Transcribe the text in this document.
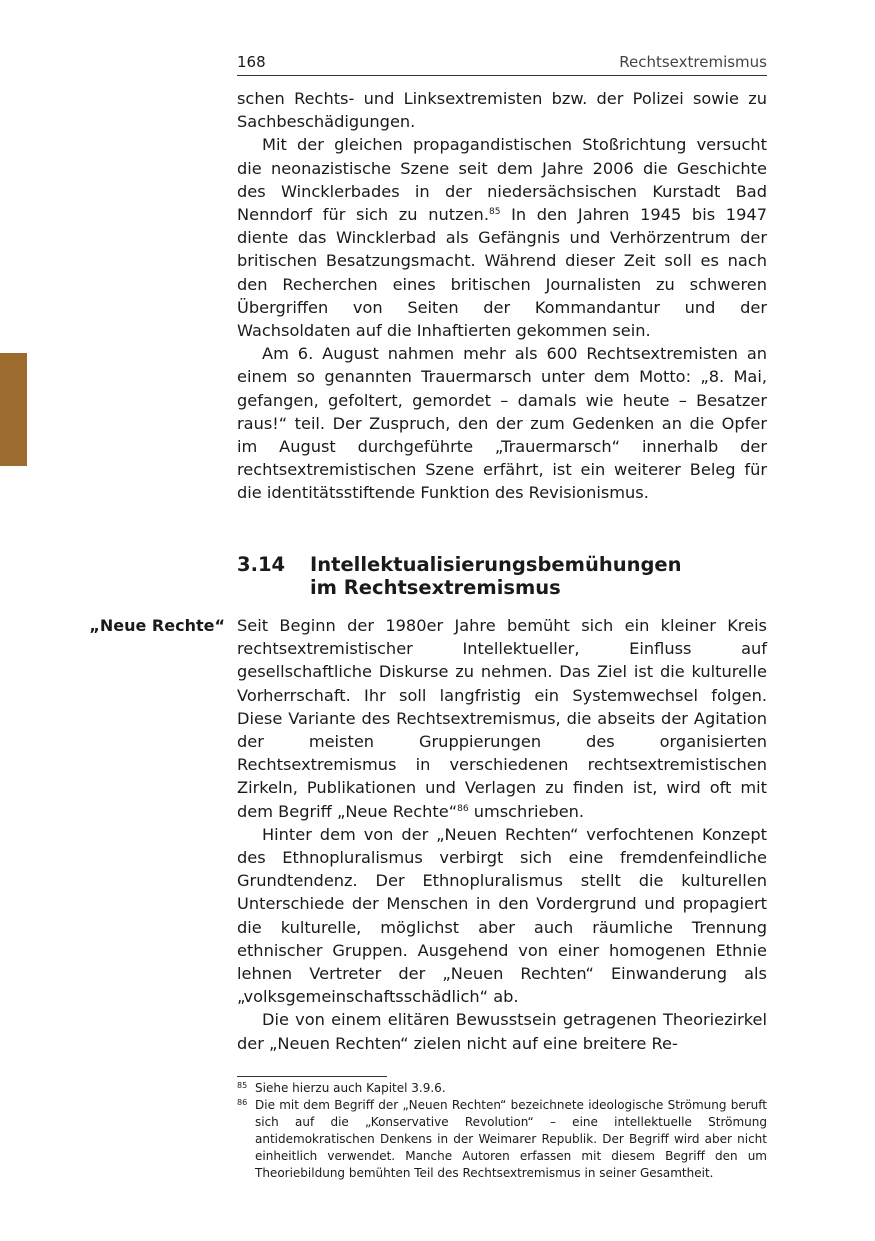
168	Rechtsextremismus

schen Rechts- und Linksextremisten bzw. der Polizei sowie zu Sachbeschädigungen.

Mit der gleichen propagandistischen Stoßrichtung versucht die neonazistische Szene seit dem Jahre 2006 die Geschichte des Wincklerbades in der niedersächsischen Kurstadt Bad Nenndorf für sich zu nutzen.$^{85}$ In den Jahren 1945 bis 1947 diente das Wincklerbad als Gefängnis und Verhörzentrum der britischen Besatzungsmacht. Während dieser Zeit soll es nach den Recherchen eines britischen Journalisten zu schweren Übergriffen von Seiten der Kommandantur und der Wachsoldaten auf die Inhaftierten gekommen sein.

Am 6. August nahmen mehr als 600 Rechtsextremisten an einem so genannten Trauermarsch unter dem Motto: „8. Mai, gefangen, gefoltert, gemordet – damals wie heute – Besatzer raus!“ teil. Der Zuspruch, den der zum Gedenken an die Opfer im August durchgeführte „Trauermarsch“ innerhalb der rechtsextremistischen Szene erfährt, ist ein weiterer Beleg für die identitätsstiftende Funktion des Revisionismus.

3.14 Intellektualisierungsbemühungen
im Rechtsextremismus
„Neue Rechte“ Seit Beginn der 1980er Jahre bemüht sich ein kleiner Kreis rechtsextremistischer Intellektueller, Einfluss auf gesellschaftliche Diskurse zu nehmen. Das Ziel ist die kulturelle Vorherrschaft. Ihr soll langfristig ein Systemwechsel folgen. Diese Variante des Rechtsextremismus, die abseits der Agitation der meisten Gruppierungen des organisierten Rechtsextremismus in verschiedenen rechtsextremistischen Zirkeln, Publikationen und Verlagen zu finden ist, wird oft mit dem Begriff „Neue Rechte“$^{86}$ umschrieben.

Hinter dem von der „Neuen Rechten“ verfochtenen Konzept des Ethnopluralismus verbirgt sich eine fremdenfeindliche Grundtendenz. Der Ethnopluralismus stellt die kulturellen Unterschiede der Menschen in den Vordergrund und propagiert die kulturelle, möglichst aber auch räumliche Trennung ethnischer Gruppen. Ausgehend von einer homogenen Ethnie lehnen Vertreter der „Neuen Rechten“ Einwanderung als „volksgemeinschaftsschädlich“ ab.

Die von einem elitären Bewusstsein getragenen Theoriezirkel der „Neuen Rechten“ zielen nicht auf eine breitere Re-

85 Siehe hierzu auch Kapitel 3.9.6.
86 Die mit dem Begriff der „Neuen Rechten“ bezeichnete ideologische Strömung beruft sich auf die „Konservative Revolution“ – eine intellektuelle Strömung antidemokratischen Denkens in der Weimarer Republik. Der Begriff wird aber nicht einheitlich verwendet. Manche Autoren erfassen mit diesem Begriff den um Theoriebildung bemühten Teil des Rechtsextremismus in seiner Gesamtheit.
